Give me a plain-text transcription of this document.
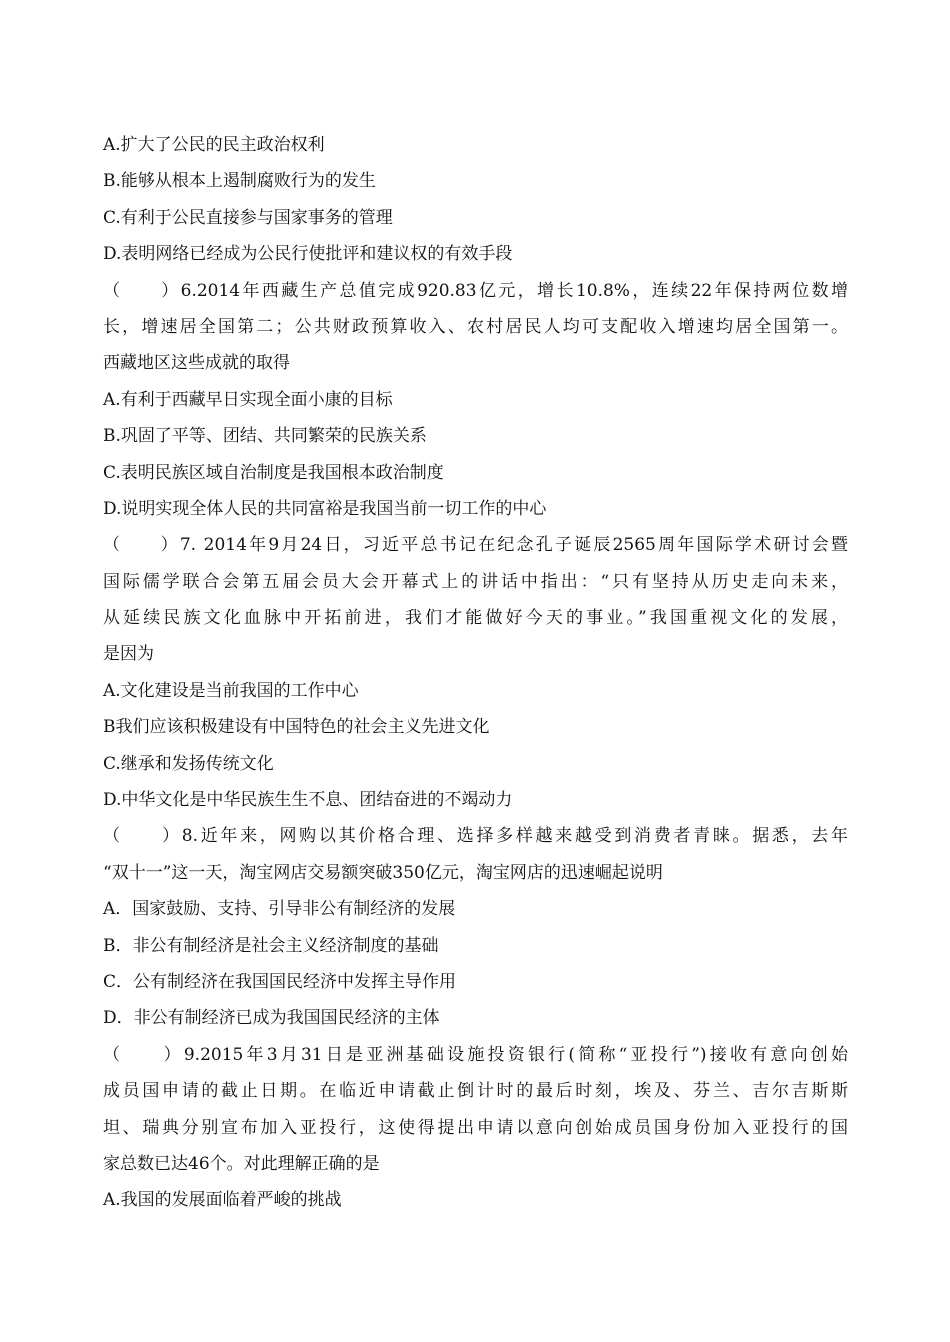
A.扩大了公民的民主政治权利

B.能够从根本上遏制腐败行为的发生

C.有利于公民直接参与国家事务的管理

D.表明网络已经成为公民行使批评和建议权的有效手段

（　　）6.2014年西藏生产总值完成920.83亿元，增长10.8%，连续22年保持两位数增

长，增速居全国第二；公共财政预算收入、农村居民人均可支配收入增速均居全国第一。

西藏地区这些成就的取得

A.有利于西藏早日实现全面小康的目标

B.巩固了平等、团结、共同繁荣的民族关系

C.表明民族区域自治制度是我国根本政治制度

D.说明实现全体人民的共同富裕是我国当前一切工作的中心

（　　）7. 2014年9月24日，习近平总书记在纪念孔子诞辰2565周年国际学术研讨会暨

国际儒学联合会第五届会员大会开幕式上的讲话中指出：“只有坚持从历史走向未来，

从延续民族文化血脉中开拓前进，我们才能做好今天的事业。”我国重视文化的发展，

是因为

A.文化建设是当前我国的工作中心

B我们应该积极建设有中国特色的社会主义先进文化

C.继承和发扬传统文化

D.中华文化是中华民族生生不息、团结奋进的不竭动力

（　　）8.近年来，网购以其价格合理、选择多样越来越受到消费者青睐。据悉，去年

“双十一”这一天，淘宝网店交易额突破350亿元，淘宝网店的迅速崛起说明

A．国家鼓励、支持、引导非公有制经济的发展

B．非公有制经济是社会主义经济制度的基础

C．公有制经济在我国国民经济中发挥主导作用

D．非公有制经济已成为我国国民经济的主体

（　　）9.2015年3月31日是亚洲基础设施投资银行(简称“亚投行”)接收有意向创始

成员国申请的截止日期。在临近申请截止倒计时的最后时刻，埃及、芬兰、吉尔吉斯斯

坦、瑞典分别宣布加入亚投行，这使得提出申请以意向创始成员国身份加入亚投行的国

家总数已达46个。对此理解正确的是

A.我国的发展面临着严峻的挑战
